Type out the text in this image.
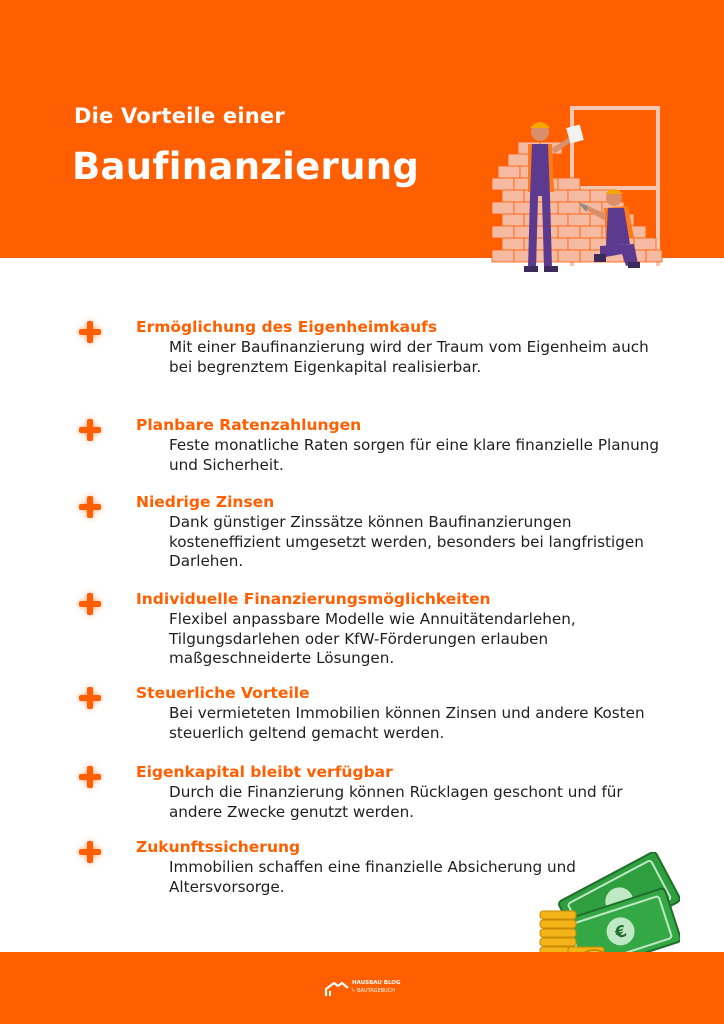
Die Vorteile einer
Baufinanzierung
Ermöglichung des Eigenheimkaufs
Mit einer Baufinanzierung wird der Traum vom Eigenheim auch bei begrenztem Eigenkapital realisierbar.
Planbare Ratenzahlungen
Feste monatliche Raten sorgen für eine klare finanzielle Planung und Sicherheit.
Niedrige Zinsen
Dank günstiger Zinssätze können Baufinanzierungen kosteneffizient umgesetzt werden, besonders bei langfristigen Darlehen.
Individuelle Finanzierungsmöglichkeiten
Flexibel anpassbare Modelle wie Annuitätendarlehen, Tilgungsdarlehen oder KfW-Förderungen erlauben maßgeschneiderte Lösungen.
Steuerliche Vorteile
Bei vermieteten Immobilien können Zinsen und andere Kosten steuerlich geltend gemacht werden.
Eigenkapital bleibt verfügbar
Durch die Finanzierung können Rücklagen geschont und für andere Zwecke genutzt werden.
Zukunftssicherung
Immobilien schaffen eine finanzielle Absicherung und Altersvorsorge.
€
HAUSBAU BLOG
\- BAUTAGEBUCH
